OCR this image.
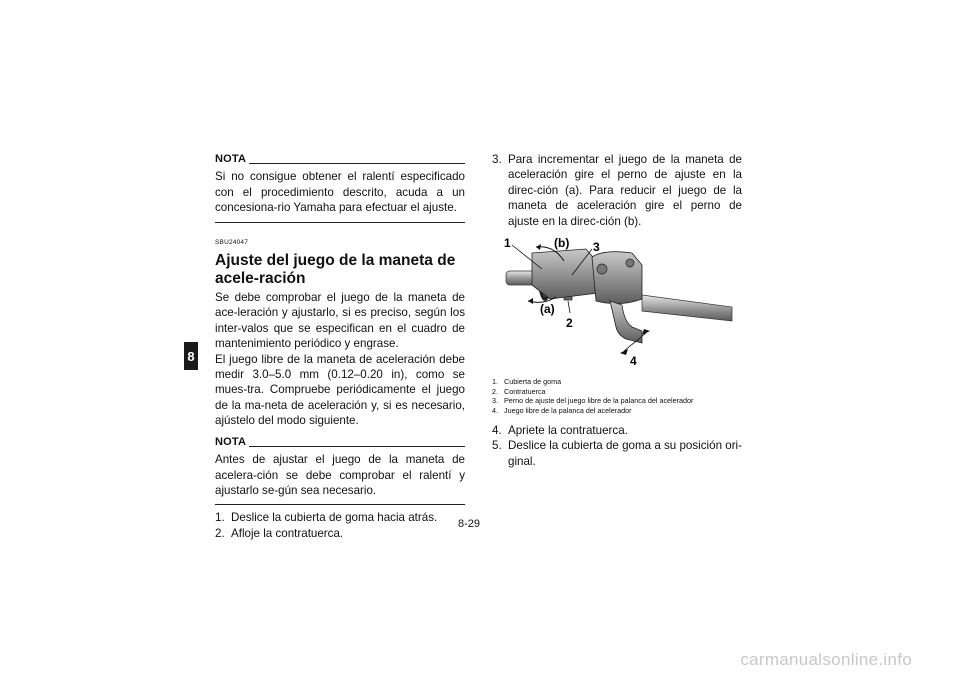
8
NOTA
Si no consigue obtener el ralentí especificado con el procedimiento descrito, acuda a un concesiona-rio Yamaha para efectuar el ajuste.
SBU24047
Ajuste del juego de la maneta de acele-ración

Se debe comprobar el juego de la maneta de ace-leración y ajustarlo, si es preciso, según los inter-valos que se especifican en el cuadro de mantenimiento periódico y engrase.

El juego libre de la maneta de aceleración debe medir 3.0–5.0 mm (0.12–0.20 in), como se mues-tra. Compruebe periódicamente el juego de la ma-neta de aceleración y, si es necesario, ajústelo del modo siguiente.

NOTA
Antes de ajustar el juego de la maneta de acelera-ción se debe comprobar el ralentí y ajustarlo se-gún sea necesario.
1. Deslice la cubierta de goma hacia atrás.
2. Afloje la contratuerca.
3. Para incrementar el juego de la maneta de aceleración gire el perno de ajuste en la direc-ción (a). Para reducir el juego de la maneta de aceleración gire el perno de ajuste en la direc-ción (b).
1	(b) 3
(a)
2
4
1. Cubierta de goma
2. Contratuerca
3. Perno de ajuste del juego libre de la palanca del acelerador
4. Juego libre de la palanca del acelerador
4. Apriete la contratuerca.
5. Deslice la cubierta de goma a su posición ori-ginal.
8-29
carmanualsonline.info
